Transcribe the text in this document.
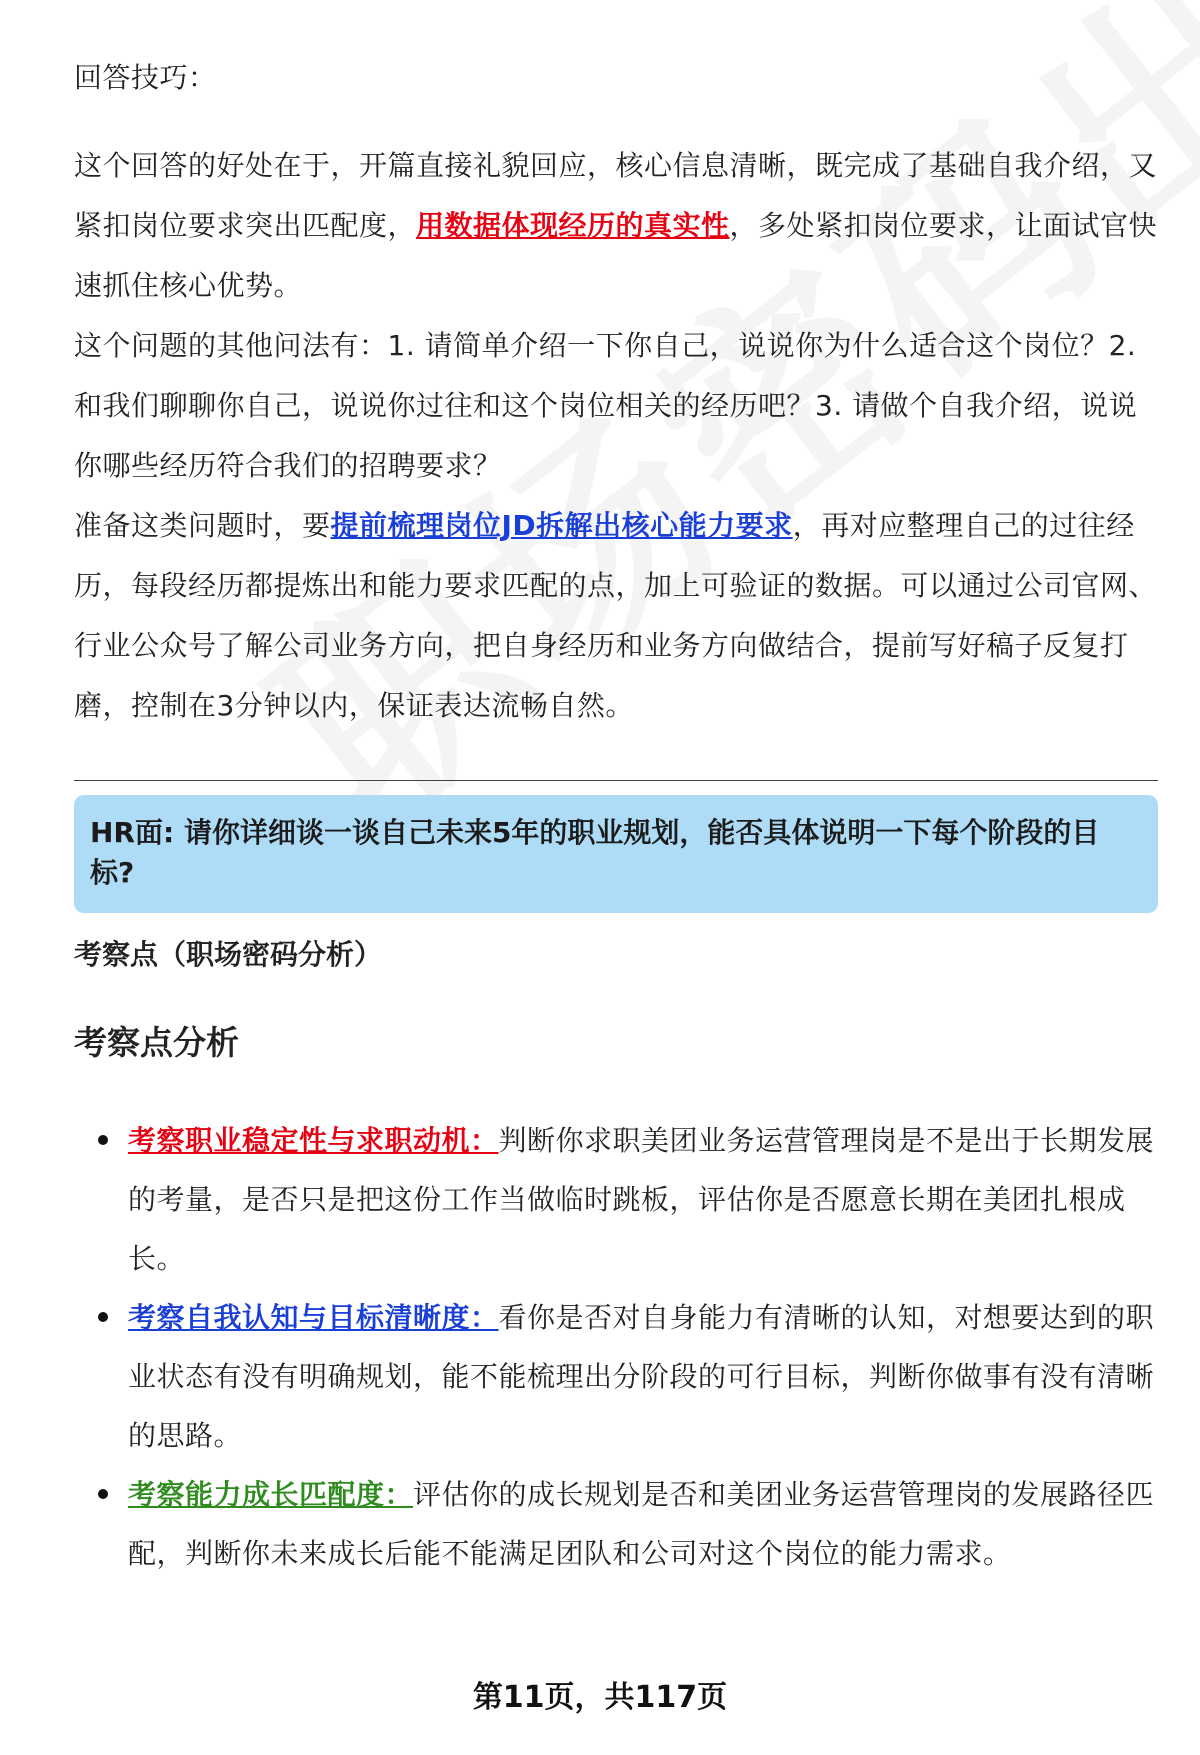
回答技巧：

这个回答的好处在于，开篇直接礼貌回应，核心信息清晰，既完成了基础自我介绍，又紧扣岗位要求突出匹配度，用数据体现经历的真实性，多处紧扣岗位要求，让面试官快速抓住核心优势。

这个问题的其他问法有：1. 请简单介绍一下你自己，说说你为什么适合这个岗位？2. 和我们聊聊你自己，说说你过往和这个岗位相关的经历吧？3. 请做个自我介绍，说说你哪些经历符合我们的招聘要求？

准备这类问题时，要提前梳理岗位JD拆解出核心能力要求，再对应整理自己的过往经历，每段经历都提炼出和能力要求匹配的点，加上可验证的数据。可以通过公司官网、行业公众号了解公司业务方向，把自身经历和业务方向做结合，提前写好稿子反复打磨，控制在3分钟以内，保证表达流畅自然。

HR面: 请你详细谈一谈自己未来5年的职业规划，能否具体说明一下每个阶段的目标?
考察点（职场密码分析）
考察点分析
考察职业稳定性与求职动机：判断你求职美团业务运营管理岗是不是出于长期发展的考量，是否只是把这份工作当做临时跳板，评估你是否愿意长期在美团扎根成长。
考察自我认知与目标清晰度：看你是否对自身能力有清晰的认知，对想要达到的职业状态有没有明确规划，能不能梳理出分阶段的可行目标，判断你做事有没有清晰的思路。
考察能力成长匹配度：评估你的成长规划是否和美团业务运营管理岗的发展路径匹配，判断你未来成长后能不能满足团队和公司对这个岗位的能力需求。
第11页，共117页
